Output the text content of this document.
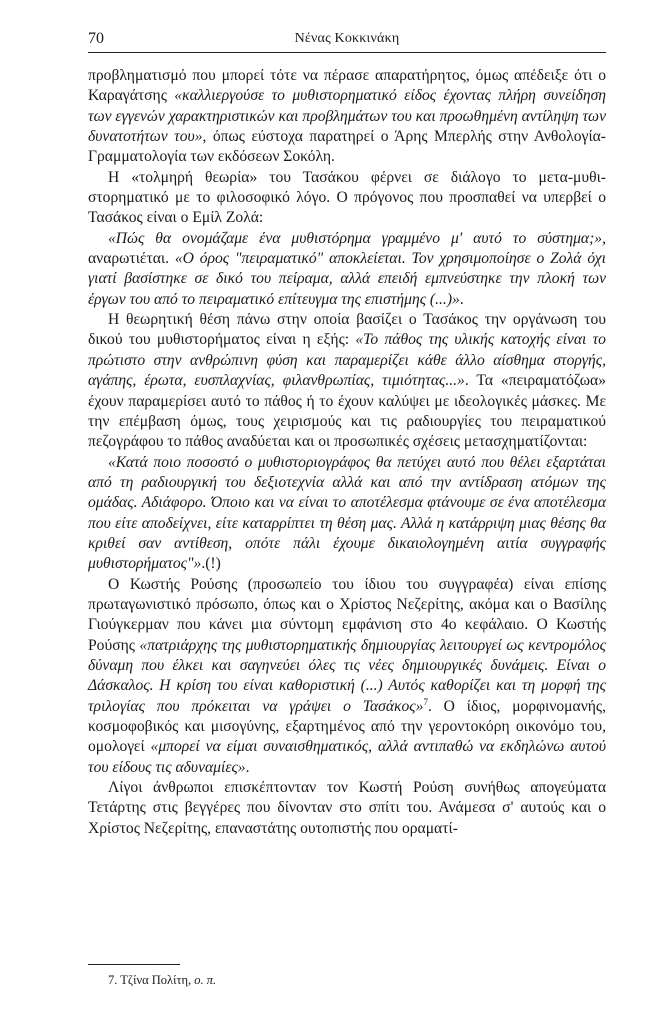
70	Νένας Κοκκινάκη

προβληματισμό που μπορεί τότε να πέρασε απαρατήρητος, όμως απέδειξε ότι ο Καραγάτσης «καλλιεργούσε το μυθιστορηματικό είδος έχοντας πλήρη συνείδηση των εγγενών χαρακτηριστικών και προβλημάτων του και προωθημένη αντίληψη των δυνατοτήτων του», όπως εύστοχα παρατηρεί ο Άρης Μπερλής στην Ανθολογία-Γραμματολογία των εκδόσεων Σοκόλη.

Η «τολμηρή θεωρία» του Τασάκου φέρνει σε διάλογο το μετα-μυθιστορηματικό με το φιλοσοφικό λόγο. Ο πρόγονος που προσπαθεί να υπερβεί ο Τασάκος είναι ο Εμίλ Ζολά:

«Πώς θα ονομάζαμε ένα μυθιστόρημα γραμμένο μ' αυτό το σύστημα;», αναρωτιέται. «Ο όρος "πειραματικό" αποκλείεται. Τον χρησιμοποίησε ο Ζολά όχι γιατί βασίστηκε σε δικό του πείραμα, αλλά επειδή εμπνεύστηκε την πλοκή των έργων του από το πειραματικό επίτευγμα της επιστήμης (...)».

Η θεωρητική θέση πάνω στην οποία βασίζει ο Τασάκος την οργάνωση του δικού του μυθιστορήματος είναι η εξής: «Το πάθος της υλικής κατοχής είναι το πρώτιστο στην ανθρώπινη φύση και παραμερίζει κάθε άλλο αίσθημα στοργής, αγάπης, έρωτα, ευσπλαχνίας, φιλανθρωπίας, τιμιότητας...». Τα «πειραματόζωα» έχουν παραμερίσει αυτό το πάθος ή το έχουν καλύψει με ιδεολογικές μάσκες. Με την επέμβαση όμως, τους χειρισμούς και τις ραδιουργίες του πειραματικού πεζογράφου το πάθος αναδύεται και οι προσωπικές σχέσεις μετασχηματίζονται:

«Κατά ποιο ποσοστό ο μυθιστοριογράφος θα πετύχει αυτό που θέλει εξαρτάται από τη ραδιουργική του δεξιοτεχνία αλλά και από την αντίδραση ατόμων της ομάδας. Αδιάφορο. Όποιο και να είναι το αποτέλεσμα φτάνουμε σε ένα αποτέλεσμα που είτε αποδείχνει, είτε καταρρίπτει τη θέση μας. Αλλά η κατάρριψη μιας θέσης θα κριθεί σαν αντίθεση, οπότε πάλι έχουμε δικαιολογημένη αιτία συγγραφής μυθιστορήματος"».(!)

Ο Κωστής Ρούσης (προσωπείο του ίδιου του συγγραφέα) είναι επίσης πρωταγωνιστικό πρόσωπο, όπως και ο Χρίστος Νεζερίτης, ακόμα και ο Βασίλης Γιούγκερμαν που κάνει μια σύντομη εμφάνιση στο 4ο κεφάλαιο. Ο Κωστής Ρούσης «πατριάρχης της μυθιστορηματικής δημιουργίας λειτουργεί ως κεντρομόλος δύναμη που έλκει και σαγηνεύει όλες τις νέες δημιουργικές δυνάμεις. Είναι ο Δάσκαλος. Η κρίση του είναι καθοριστική (...) Αυτός καθορίζει και τη μορφή της τριλογίας που πρόκειται να γράψει ο Τασάκος»$^7$. Ο ίδιος, μορφινομανής, κοσμοφοβικός και μισογύνης, εξαρτημένος από την γεροντοκόρη οικονόμο του, ομολογεί «μπορεί να είμαι συναισθηματικός, αλλά αντιπαθώ να εκδηλώνω αυτού του είδους τις αδυναμίες».

Λίγοι άνθρωποι επισκέπτονταν τον Κωστή Ρούση συνήθως απογεύματα Τετάρτης στις βεγγέρες που δίνονταν στο σπίτι του. Ανάμεσα σ' αυτούς και ο Χρίστος Νεζερίτης, επαναστάτης ουτοπιστής που οραματί-

7. Τζίνα Πολίτη, ο. π.
